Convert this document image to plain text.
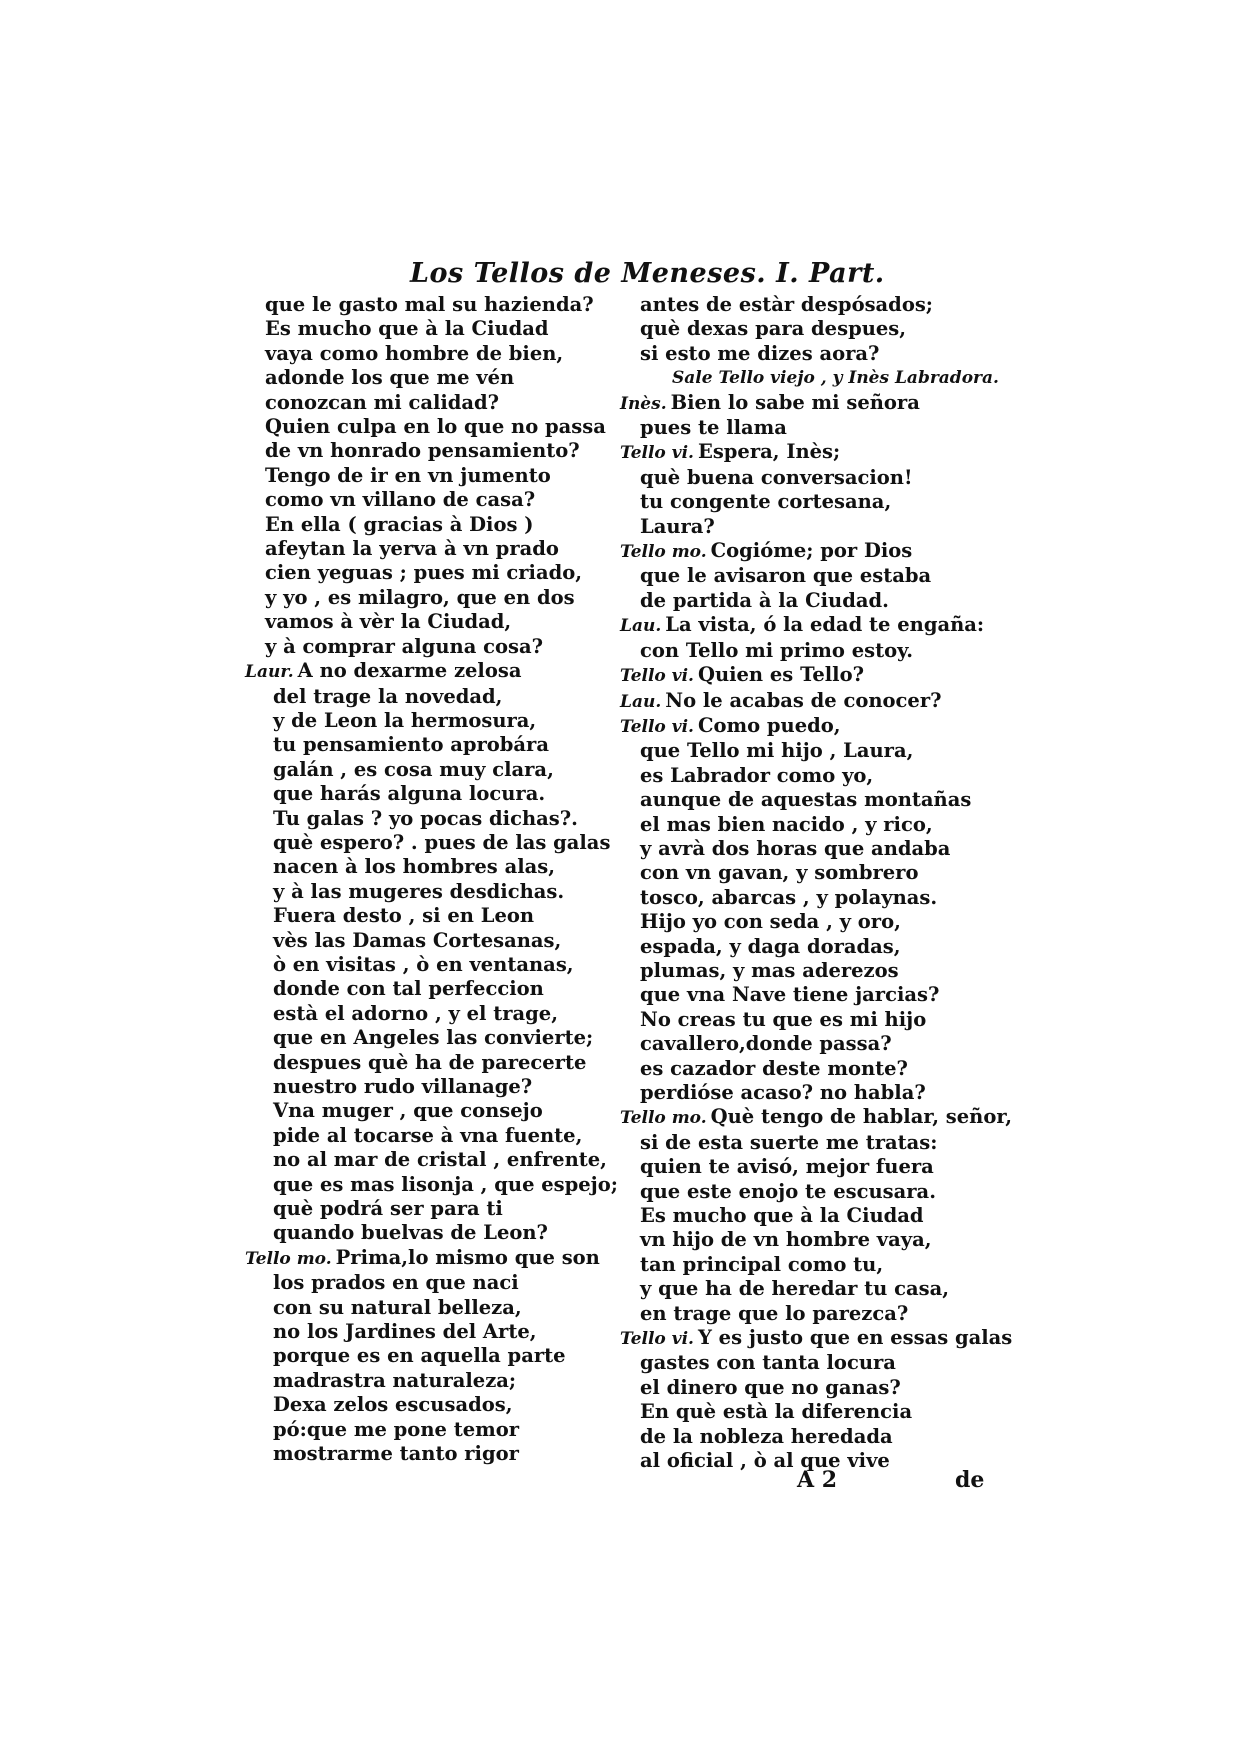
Los Tellos de Meneses. I. Part.
que le gasto mal su hazienda?
Es mucho que à la Ciudad
vaya como hombre de bien,
adonde los que me vén
conozcan mi calidad?
Quien culpa en lo que no passa
de vn honrado pensamiento?
Tengo de ir en vn jumento
como vn villano de casa?
En ella ( gracias à Dios )
afeytan la yerva à vn prado
cien yeguas ; pues mi criado,
y yo , es milagro, que en dos
vamos à vèr la Ciudad,
y à comprar alguna cosa?
Laur. A no dexarme zelosa
del trage la novedad,
y de Leon la hermosura,
tu pensamiento aprobára
galán , es cosa muy clara,
que harás alguna locura.
Tu galas ? yo pocas dichas?.
què espero? . pues de las galas
nacen à los hombres alas,
y à las mugeres desdichas.
Fuera desto , si en Leon
vès las Damas Cortesanas,
ò en visitas , ò en ventanas,
donde con tal perfeccion
està el adorno , y el trage,
que en Angeles las convierte;
despues què ha de parecerte
nuestro rudo villanage?
Vna muger , que consejo
pide al tocarse à vna fuente,
no al mar de cristal , enfrente,
que es mas lisonja , que espejo;
què podrá ser para ti
quando buelvas de Leon?
Tello mo. Prima,lo mismo que son
los prados en que naci
con su natural belleza,
no los Jardines del Arte,
porque es en aquella parte
madrastra naturaleza;
Dexa zelos escusados,
pó:que me pone temor
mostrarme tanto rigor
antes de estàr despósados;
què dexas para despues,
si esto me dizes aora?
Sale Tello viejo , y Inès Labradora.
Inès. Bien lo sabe mi señora
pues te llama
Tello vi. Espera, Inès;
què buena conversacion!
tu congente cortesana,
Laura?
Tello mo. Cogióme; por Dios
que le avisaron que estaba
de partida à la Ciudad.
Lau. La vista, ó la edad te engaña:
con Tello mi primo estoy.
Tello vi. Quien es Tello?
Lau. No le acabas de conocer?
Tello vi. Como puedo,
que Tello mi hijo , Laura,
es Labrador como yo,
aunque de aquestas montañas
el mas bien nacido , y rico,
y avrà dos horas que andaba
con vn gavan, y sombrero
tosco, abarcas , y polaynas.
Hijo yo con seda , y oro,
espada, y daga doradas,
plumas, y mas aderezos
que vna Nave tiene jarcias?
No creas tu que es mi hijo
cavallero,donde passa?
es cazador deste monte?
perdióse acaso? no habla?
Tello mo. Què tengo de hablar, señor,
si de esta suerte me tratas:
quien te avisó, mejor fuera
que este enojo te escusara.
Es mucho que à la Ciudad
vn hijo de vn hombre vaya,
tan principal como tu,
y que ha de heredar tu casa,
en trage que lo parezca?
Tello vi. Y es justo que en essas galas
gastes con tanta locura
el dinero que no ganas?
En què està la diferencia
de la nobleza heredada
al oficial , ò al que vive
A 2	de
